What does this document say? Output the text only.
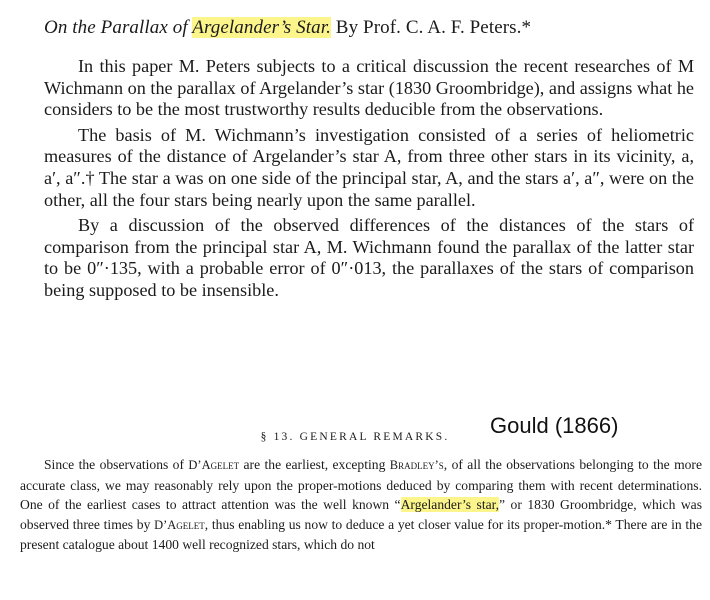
On the Parallax of Argelander’s Star. By Prof. C. A. F. Peters.*

In this paper M. Peters subjects to a critical discussion the recent researches of M Wichmann on the parallax of Argelander’s star (1830 Groombridge), and assigns what he considers to be the most trustworthy results deducible from the observations.

The basis of M. Wichmann’s investigation consisted of a series of heliometric measures of the distance of Argelander’s star A, from three other stars in its vicinity, a, a′, a″.† The star a was on one side of the principal star, A, and the stars a′, a″, were on the other, all the four stars being nearly upon the same parallel.

By a discussion of the observed differences of the distances of the stars of comparison from the principal star A, M. Wichmann found the parallax of the latter star to be 0″·135, with a probable error of 0″·013, the parallaxes of the stars of comparison being supposed to be insensible.

Gould (1866)
§ 13. GENERAL REMARKS.

Since the observations of D’Agelet are the earliest, excepting Bradley’s, of all the observations belonging to the more accurate class, we may reasonably rely upon the proper-motions deduced by comparing them with recent determinations. One of the earliest cases to attract attention was the well known “Argelander’s star,” or 1830 Groombridge, which was observed three times by D’Agelet, thus enabling us now to deduce a yet closer value for its proper-motion.* There are in the present catalogue about 1400 well recognized stars, which do not
